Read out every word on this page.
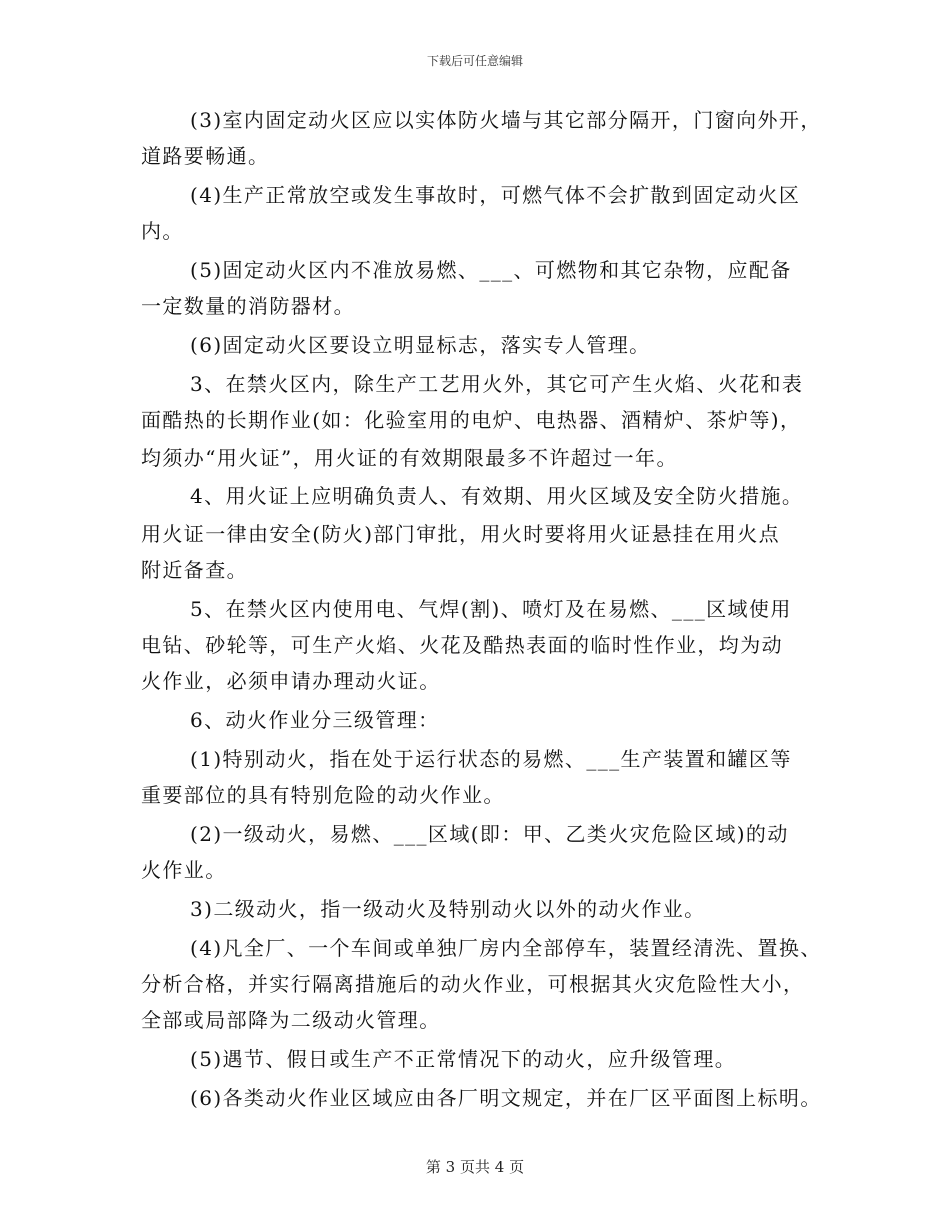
下载后可任意编辑
(3)室内固定动火区应以实体防火墙与其它部分隔开，门窗向外开，
道路要畅通。
(4)生产正常放空或发生事故时，可燃气体不会扩散到固定动火区
内。
(5)固定动火区内不准放易燃、___、可燃物和其它杂物，应配备
一定数量的消防器材。
(6)固定动火区要设立明显标志，落实专人管理。
3、在禁火区内，除生产工艺用火外，其它可产生火焰、火花和表
面酷热的长期作业(如：化验室用的电炉、电热器、酒精炉、茶炉等)，
均须办“用火证”，用火证的有效期限最多不许超过一年。
4、用火证上应明确负责人、有效期、用火区域及安全防火措施。
用火证一律由安全(防火)部门审批，用火时要将用火证悬挂在用火点
附近备查。
5、在禁火区内使用电、气焊(割)、喷灯及在易燃、___区域使用
电钻、砂轮等，可生产火焰、火花及酷热表面的临时性作业，均为动
火作业，必须申请办理动火证。
6、动火作业分三级管理：
(1)特别动火，指在处于运行状态的易燃、___生产装置和罐区等
重要部位的具有特别危险的动火作业。
(2)一级动火，易燃、___区域(即：甲、乙类火灾危险区域)的动
火作业。
3)二级动火，指一级动火及特别动火以外的动火作业。
(4)凡全厂、一个车间或单独厂房内全部停车，装置经清洗、置换、
分析合格，并实行隔离措施后的动火作业，可根据其火灾危险性大小，
全部或局部降为二级动火管理。
(5)遇节、假日或生产不正常情况下的动火，应升级管理。
(6)各类动火作业区域应由各厂明文规定，并在厂区平面图上标明。
第 3 页共 4 页
